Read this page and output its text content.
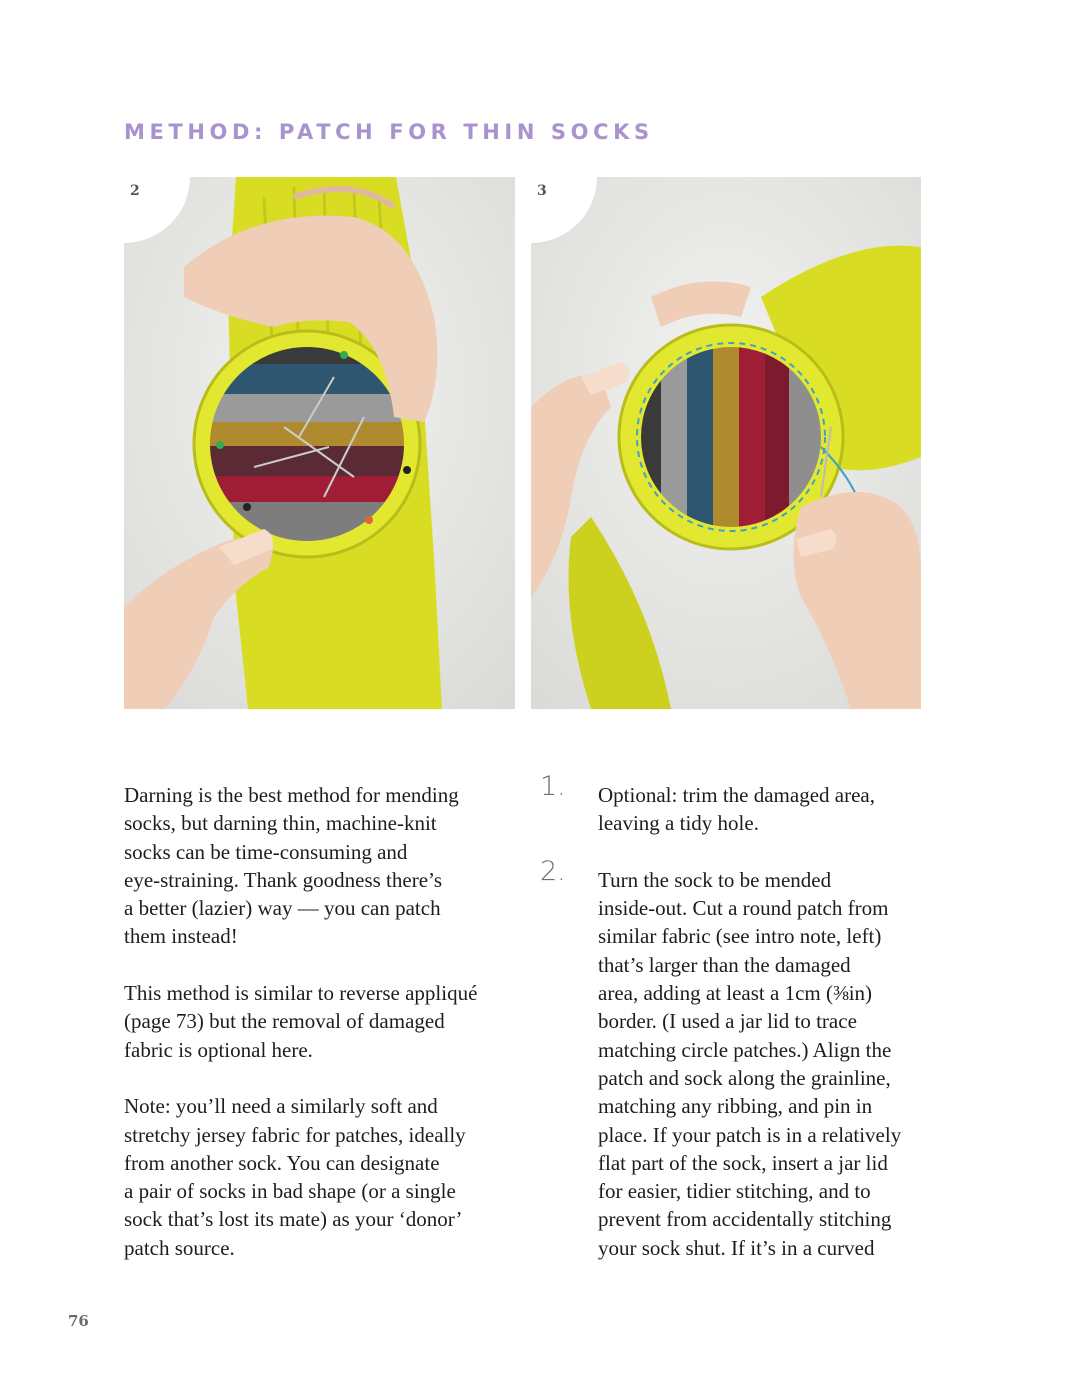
METHOD: PATCH FOR THIN SOCKS
2	3

Darning is the best method for mending
socks, but darning thin, machine-knit
socks can be time-consuming and
eye-straining. Thank goodness there’s
a better (lazier) way — you can patch
them instead!

This method is similar to reverse appliqué
(page 73) but the removal of damaged
fabric is optional here.

Note: you’ll need a similarly soft and
stretchy jersey fabric for patches, ideally
from another sock. You can designate
a pair of socks in bad shape (or a single
sock that’s lost its mate) as your ‘donor’
patch source.

1. Optional: trim the damaged area,
leaving a tidy hole.
2. Turn the sock to be mended
inside-out. Cut a round patch from
similar fabric (see intro note, left)
that’s larger than the damaged
area, adding at least a 1cm (⅜in)
border. (I used a jar lid to trace
matching circle patches.) Align the
patch and sock along the grainline,
matching any ribbing, and pin in
place. If your patch is in a relatively
flat part of the sock, insert a jar lid
for easier, tidier stitching, and to
prevent from accidentally stitching
your sock shut. If it’s in a curved
76
